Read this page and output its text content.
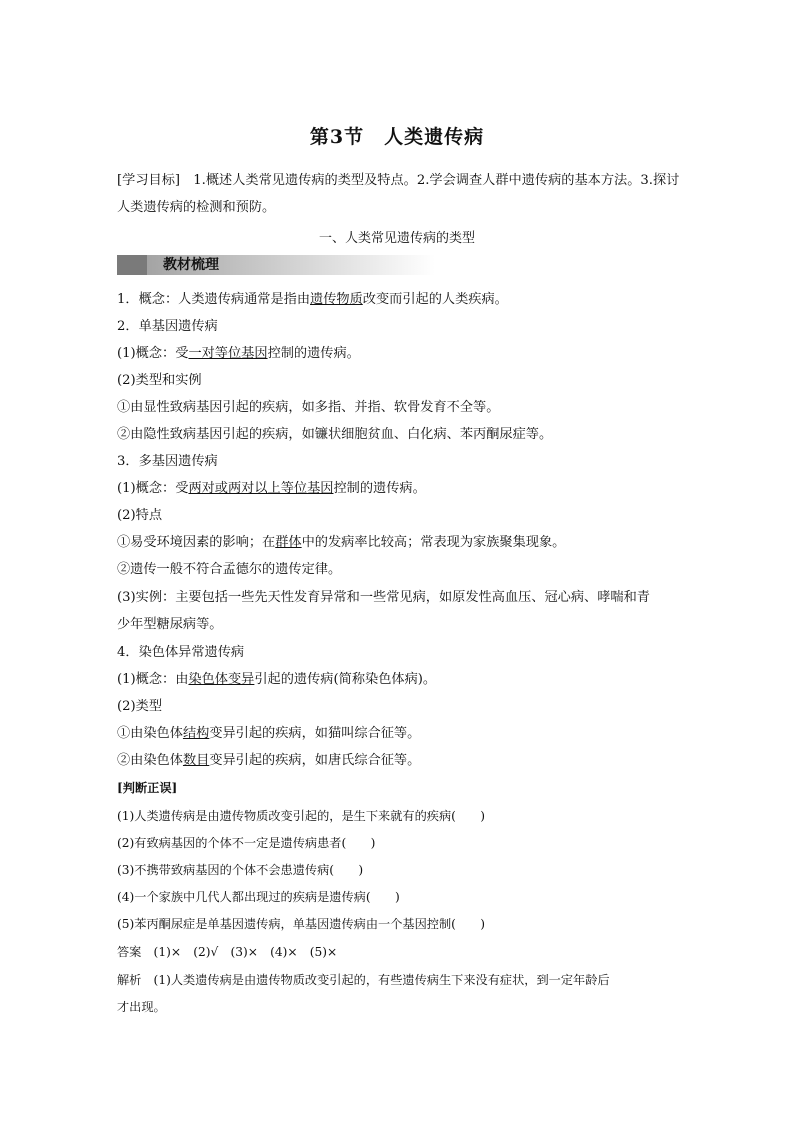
第3节　人类遗传病
[学习目标]　1.概述人类常见遗传病的类型及特点。2.学会调查人群中遗传病的基本方法。3.探讨人类遗传病的检测和预防。
一、人类常见遗传病的类型
教材梳理
1．概念：人类遗传病通常是指由遗传物质改变而引起的人类疾病。
2．单基因遗传病
(1)概念：受一对等位基因控制的遗传病。
(2)类型和实例
①由显性致病基因引起的疾病，如多指、并指、软骨发育不全等。
②由隐性致病基因引起的疾病，如镰状细胞贫血、白化病、苯丙酮尿症等。
3．多基因遗传病
(1)概念：受两对或两对以上等位基因控制的遗传病。
(2)特点
①易受环境因素的影响；在群体中的发病率比较高；常表现为家族聚集现象。
②遗传一般不符合孟德尔的遗传定律。
(3)实例：主要包括一些先天性发育异常和一些常见病，如原发性高血压、冠心病、哮喘和青
少年型糖尿病等。
4．染色体异常遗传病
(1)概念：由染色体变异引起的遗传病(简称染色体病)。
(2)类型
①由染色体结构变异引起的疾病，如猫叫综合征等。
②由染色体数目变异引起的疾病，如唐氏综合征等。
[判断正误]
(1)人类遗传病是由遗传物质改变引起的，是生下来就有的疾病(　　)
(2)有致病基因的个体不一定是遗传病患者(　　)
(3)不携带致病基因的个体不会患遗传病(　　)
(4)一个家族中几代人都出现过的疾病是遗传病(　　)
(5)苯丙酮尿症是单基因遗传病，单基因遗传病由一个基因控制(　　)
答案　(1)×　(2)√　(3)×　(4)×　(5)×
解析　(1)人类遗传病是由遗传物质改变引起的，有些遗传病生下来没有症状，到一定年龄后
才出现。
